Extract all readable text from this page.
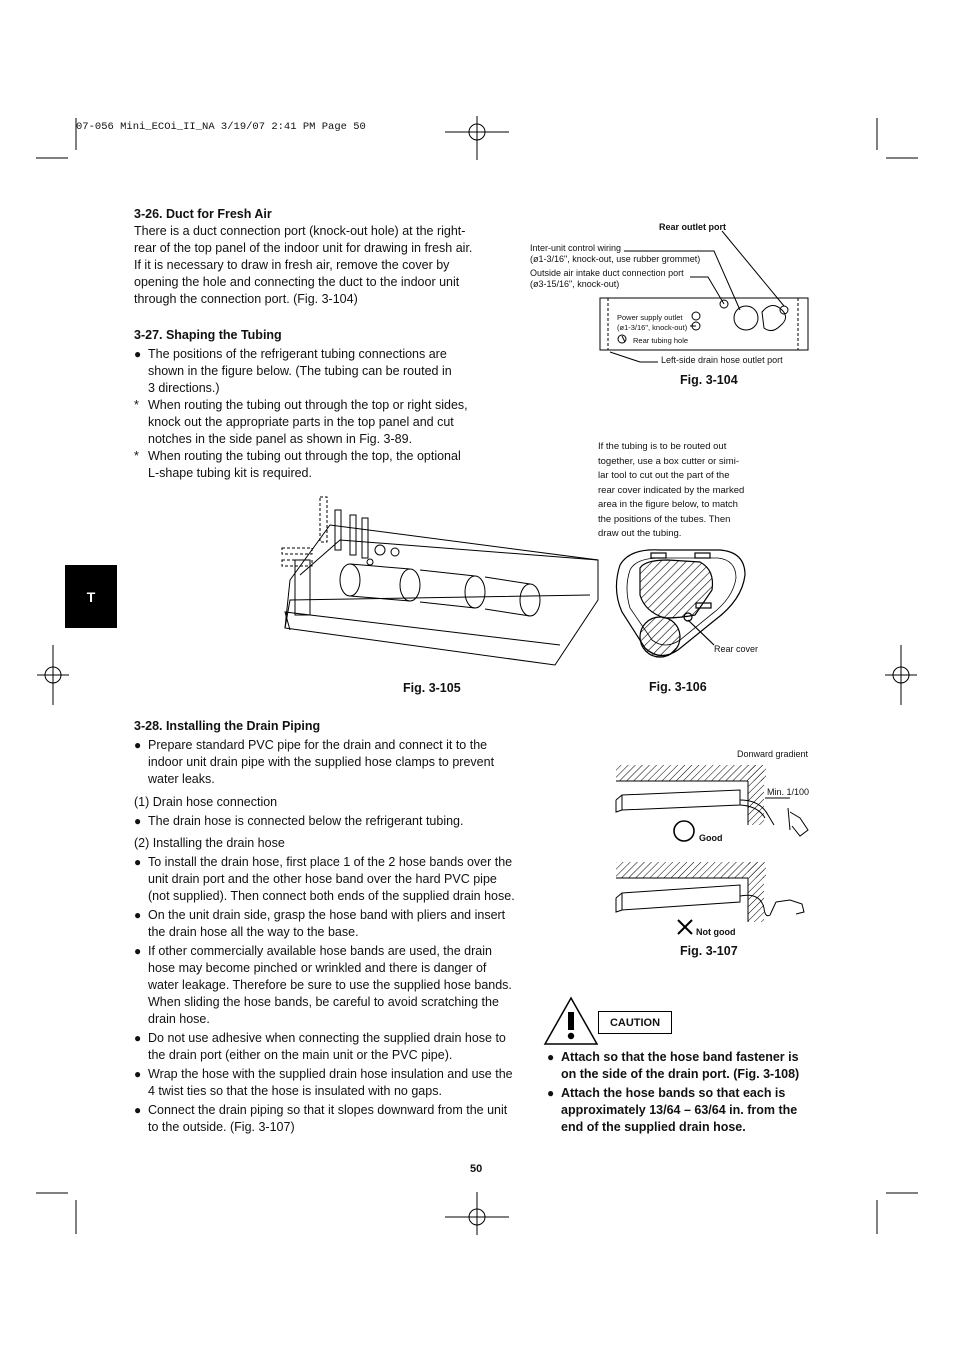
07-056 Mini_ECOi_II_NA 3/19/07 2:41 PM Page 50
T
3-26. Duct for Fresh Air
There is a duct connection port (knock-out hole) at the right-
rear of the top panel of the indoor unit for drawing in fresh air.
If it is necessary to draw in fresh air, remove the cover by
opening the hole and connecting the duct to the indoor unit
through the connection port. (Fig. 3-104)
3-27. Shaping the Tubing
● The positions of the refrigerant tubing connections are
shown in the figure below. (The tubing can be routed in
3 directions.)
* When routing the tubing out through the top or right sides,
knock out the appropriate parts in the top panel and cut
notches in the side panel as shown in Fig. 3-89.
* When routing the tubing out through the top, the optional
L-shape tubing kit is required.
Rear outlet port
Inter-unit control wiring
(ø1-3/16", knock-out, use rubber grommet)
Outside air intake duct connection port
(ø3-15/16", knock-out)
Power supply outlet
(ø1-3/16", knock-out)
Rear tubing hole
Left-side drain hose outlet port
Fig. 3-104
If the tubing is to be routed out
together, use a box cutter or simi-
lar tool to cut out the part of the
rear cover indicated by the marked
area in the figure below, to match
the positions of the tubes. Then
draw out the tubing.
Fig. 3-105
Rear cover
Fig. 3-106
3-28. Installing the Drain Piping
● Prepare standard PVC pipe for the drain and connect it to the
indoor unit drain pipe with the supplied hose clamps to prevent
water leaks.
(1) Drain hose connection
● The drain hose is connected below the refrigerant tubing.
(2) Installing the drain hose
● To install the drain hose, first place 1 of the 2 hose bands over the
unit drain port and the other hose band over the hard PVC pipe
(not supplied). Then connect both ends of the supplied drain hose.
● On the unit drain side, grasp the hose band with pliers and insert
the drain hose all the way to the base.
● If other commercially available hose bands are used, the drain
hose may become pinched or wrinkled and there is danger of
water leakage. Therefore be sure to use the supplied hose bands.
When sliding the hose bands, be careful to avoid scratching the
drain hose.
● Do not use adhesive when connecting the supplied drain hose to
the drain port (either on the main unit or the PVC pipe).
● Wrap the hose with the supplied drain hose insulation and use the
4 twist ties so that the hose is insulated with no gaps.
● Connect the drain piping so that it slopes downward from the unit
to the outside. (Fig. 3-107)
Donward gradient
Min. 1/100
Good
Not good
Fig. 3-107
CAUTION
● Attach so that the hose band fastener is
on the side of the drain port. (Fig. 3-108)
● Attach the hose bands so that each is
approximately 13/64 – 63/64 in. from the
end of the supplied drain hose.
50
